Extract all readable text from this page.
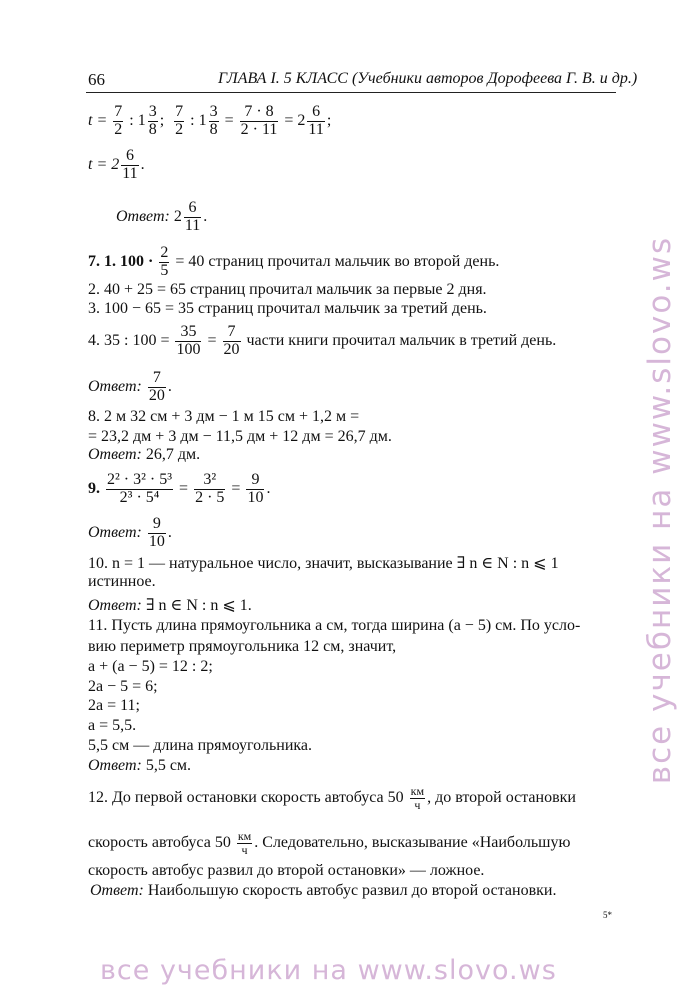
66	ГЛАВА I. 5 КЛАСС (Учебники авторов Дорофеева Г. В. и др.)
$t = \frac{7}{2}$ : $1 \frac{3}{8}$ ; $\frac{7}{2}$ : $1 \frac{3}{8} = \frac{7 \cdot 8}{2 \cdot 11} = 2 \frac{6}{11}$ ;
$t = 2 \frac{6}{11}$ .
Ответ: $2 \frac{6}{11}$ .
7. 1. $100 \cdot \frac{2}{5} = 40$ страниц прочитал мальчик во второй день.
2. 40 + 25 = 65 страниц прочитал мальчик за первые 2 дня.
3. 100 − 65 = 35 страниц прочитал мальчик за третий день.
4. 35 : $100 = \frac{35}{100} = \frac{7}{20}$ части книги прочитал мальчик в третий день.
Ответ: $\frac{7}{20}$ .
8. 2 м 32 см + 3 дм − 1 м 15 см + 1,2 м =
= 23,2 дм + 3 дм − 11,5 дм + 12 дм = 26,7 дм.
Ответ: 26,7 дм.
9. $\frac{\text{2² · 3² · 5³}}{\text{2³ · 5⁴}} = \frac{\text{3²}}{2 \cdot 5} = \frac{9}{10}$ .
Ответ: $\frac{9}{10}$ .
10. n = 1 — натуральное число, значит, высказывание ∃ n ∈ N : n ⩽ 1
истинное.
Ответ: ∃ n ∈ N : n ⩽ 1.
11. Пусть длина прямоугольника a см, тогда ширина (a − 5) см. По усло-
вию периметр прямоугольника 12 см, значит,
a + (a − 5) = 12 : 2;
2a − 5 = 6;
2a = 11;
a = 5,5.
5,5 см — длина прямоугольника.
Ответ: 5,5 см.
12. До первой остановки скорость автобуса $50 \frac{км}{ч}$ , до второй остановки
скорость автобуса $50 \frac{км}{ч}$ . Следовательно, высказывание «Наибольшую
скорость автобус развил до второй остановки» — ложное.
Ответ: Наибольшую скорость автобус развил до второй остановки.
5*
все учебники на www.slovo.ws
все учебники на www.slovo.ws
